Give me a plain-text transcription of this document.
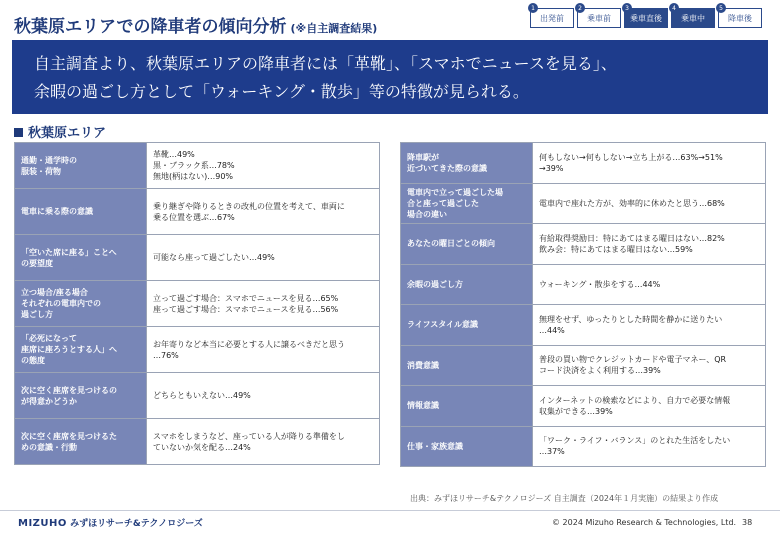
秋葉原エリアでの降車者の傾向分析 (※自主調査結果)
1
出発前
2
乗車前
3
乗車直後
4
乗車中
5
降車後
自主調査より、秋葉原エリアの降車者には「革靴」、「スマホでニュースを見る」、
余暇の過ごし方として「ウォーキング・散歩」等の特徴が見られる。
秋葉原エリア
通勤・通学時の
服装・荷物	革靴…49%
黒・ブラック系…78%
無地(柄はない)…90%
電車に乗る際の意識	乗り継ぎや降りるときの改札の位置を考えて、車両に
乗る位置を選ぶ…67%
「空いた席に座る」ことへ
の要望度	可能なら座って過ごしたい…49%
立つ場合/座る場合
それぞれの電車内での
過ごし方	立って過ごす場合：スマホでニュースを見る…65%
座って過ごす場合：スマホでニュースを見る…56%
「必死になって
座席に座ろうとする人」へ
の態度	お年寄りなど本当に必要とする人に譲るべきだと思う
…76%
次に空く座席を見つけるの
が得意かどうか	どちらともいえない…49%
次に空く座席を見つけるた
めの意識・行動	スマホをしまうなど、座っている人が降りる準備をし
ていないか気を配る…24%
降車駅が
近づいてきた際の意識	何もしない→何もしない→立ち上がる…63%→51%
→39%
電車内で立って過ごした場
合と座って過ごした
場合の違い	電車内で座れた方が、効率的に休めたと思う…68%
あなたの曜日ごとの傾向	有給取得奨励日：特にあてはまる曜日はない…82%
飲み会：特にあてはまる曜日はない…59%
余暇の過ごし方	ウォーキング・散歩をする…44%
ライフスタイル意識	無理をせず、ゆったりとした時間を静かに送りたい
…44%
消費意識	普段の買い物でクレジットカードや電子マネー、QR
コード決済をよく利用する…39%
情報意識	インターネットの検索などにより、自力で必要な情報
収集ができる…39%
仕事・家族意識	「ワーク・ライフ・バランス」のとれた生活をしたい
…37%
出典：みずほリサーチ&テクノロジーズ 自主調査（2024年１月実施）の結果より作成
MIZUHO みずほリサーチ&テクノロジーズ	© 2024 Mizuho Research & Technologies, Ltd. 38
